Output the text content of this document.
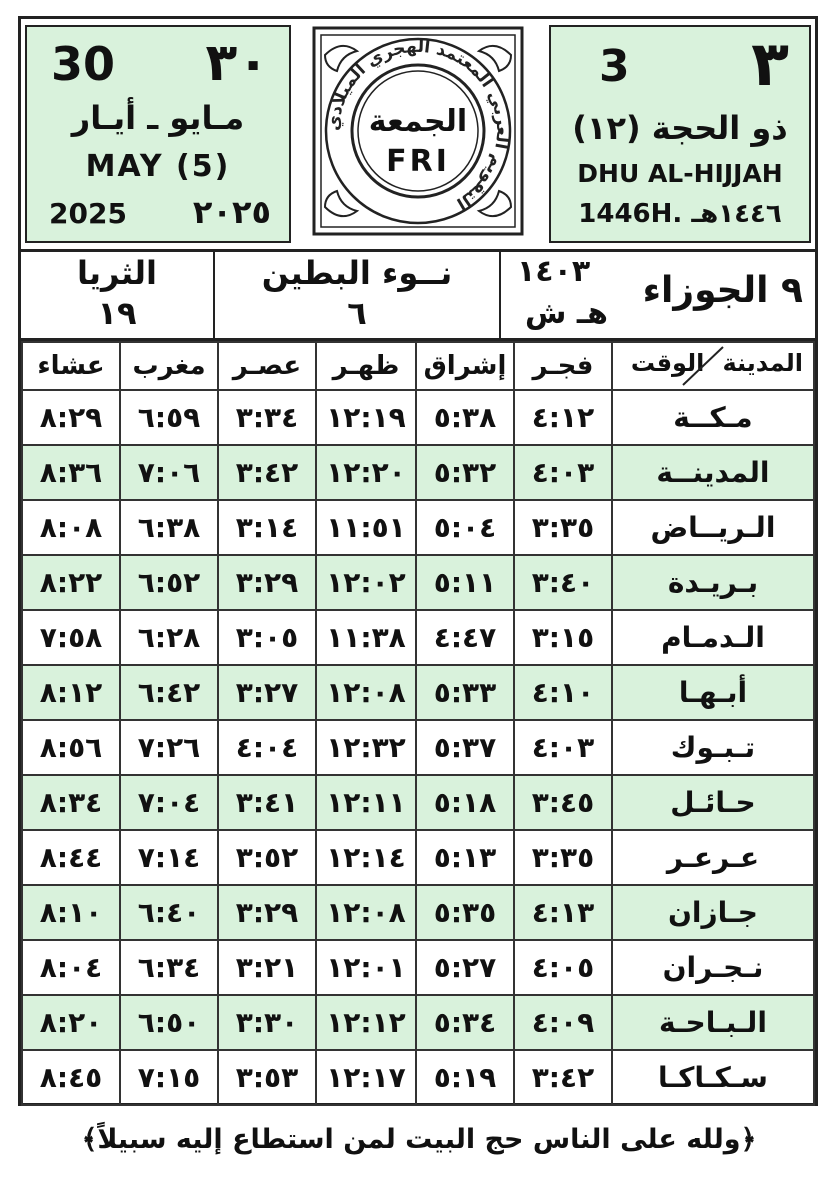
30 ٣٠
مـايو ـ أيـار
MAY (5)
2025 ٢٠٢٥
التقويم العربي المعتمد الهجري الميلادي
الجمعة
FRI
3 ٣
ذو الحجة (١٢)
DHU AL-HIJJAH
1446H. ١٤٤٦هـ
الثريا
١٩
نــوء البطين
٦
١٤٠٣
هـ ش
٩ الجوزاء
المدينة
الوقت	فجـر	إشراق	ظهـر	عصـر	مغرب	عشاء
مـكــة	٤:١٢	٥:٣٨	١٢:١٩	٣:٣٤	٦:٥٩	٨:٢٩
المدينــة	٤:٠٣	٥:٣٢	١٢:٢٠	٣:٤٢	٧:٠٦	٨:٣٦
الـريــاض	٣:٣٥	٥:٠٤	١١:٥١	٣:١٤	٦:٣٨	٨:٠٨
بـريـدة	٣:٤٠	٥:١١	١٢:٠٢	٣:٢٩	٦:٥٢	٨:٢٢
الـدمـام	٣:١٥	٤:٤٧	١١:٣٨	٣:٠٥	٦:٢٨	٧:٥٨
أبـهـا	٤:١٠	٥:٣٣	١٢:٠٨	٣:٢٧	٦:٤٢	٨:١٢
تـبـوك	٤:٠٣	٥:٣٧	١٢:٣٢	٤:٠٤	٧:٢٦	٨:٥٦
حـائـل	٣:٤٥	٥:١٨	١٢:١١	٣:٤١	٧:٠٤	٨:٣٤
عـرعـر	٣:٣٥	٥:١٣	١٢:١٤	٣:٥٢	٧:١٤	٨:٤٤
جـازان	٤:١٣	٥:٣٥	١٢:٠٨	٣:٢٩	٦:٤٠	٨:١٠
نـجـران	٤:٠٥	٥:٢٧	١٢:٠١	٣:٢١	٦:٣٤	٨:٠٤
الـبـاحـة	٤:٠٩	٥:٣٤	١٢:١٢	٣:٣٠	٦:٥٠	٨:٢٠
سـكـاكـا	٣:٤٢	٥:١٩	١٢:١٧	٣:٥٣	٧:١٥	٨:٤٥
﴿ولله على الناس حج البيت لمن استطاع إليه سبيلاً﴾
